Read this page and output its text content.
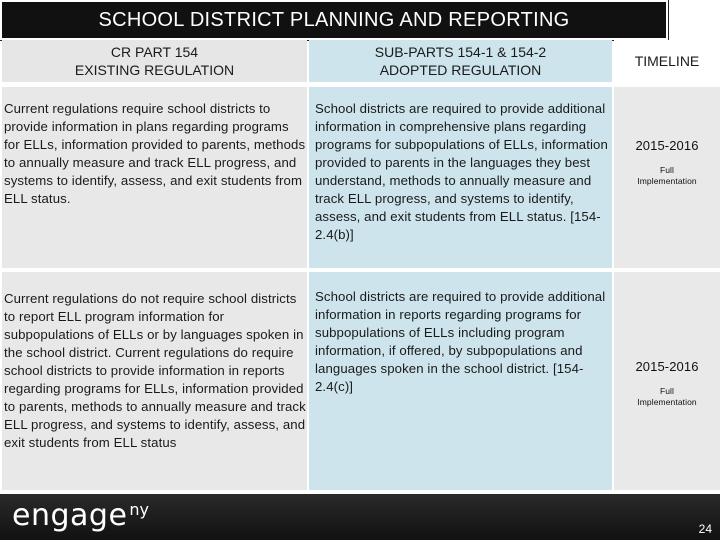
SCHOOL DISTRICT PLANNING AND REPORTING
CR PART 154
EXISTING REGULATION
SUB-PARTS 154-1 & 154-2
ADOPTED REGULATION
TIMELINE
Current regulations require school districts to provide information in plans regarding programs for ELLs, information provided to parents, methods to annually measure and track ELL progress, and systems to identify, assess, and exit students from ELL status.
School districts are required to provide additional information in comprehensive plans regarding programs for subpopulations of ELLs, information provided to parents in the languages they best understand, methods to annually measure and track ELL progress, and systems to identify, assess, and exit students from ELL status. [154-2.4(b)]
2015-2016
Full
Implementation
Current regulations do not require school districts to report ELL program information for subpopulations of ELLs or by languages spoken in the school district. Current regulations do require school districts to provide information in reports regarding programs for ELLs, information provided to parents, methods to annually measure and track ELL progress, and systems to identify, assess, and exit students from ELL status
School districts are required to provide additional information in reports regarding programs for subpopulations of ELLs including program information, if offered, by subpopulations and languages spoken in the school district. [154-2.4(c)]
2015-2016
Full
Implementation
engage ny
24
